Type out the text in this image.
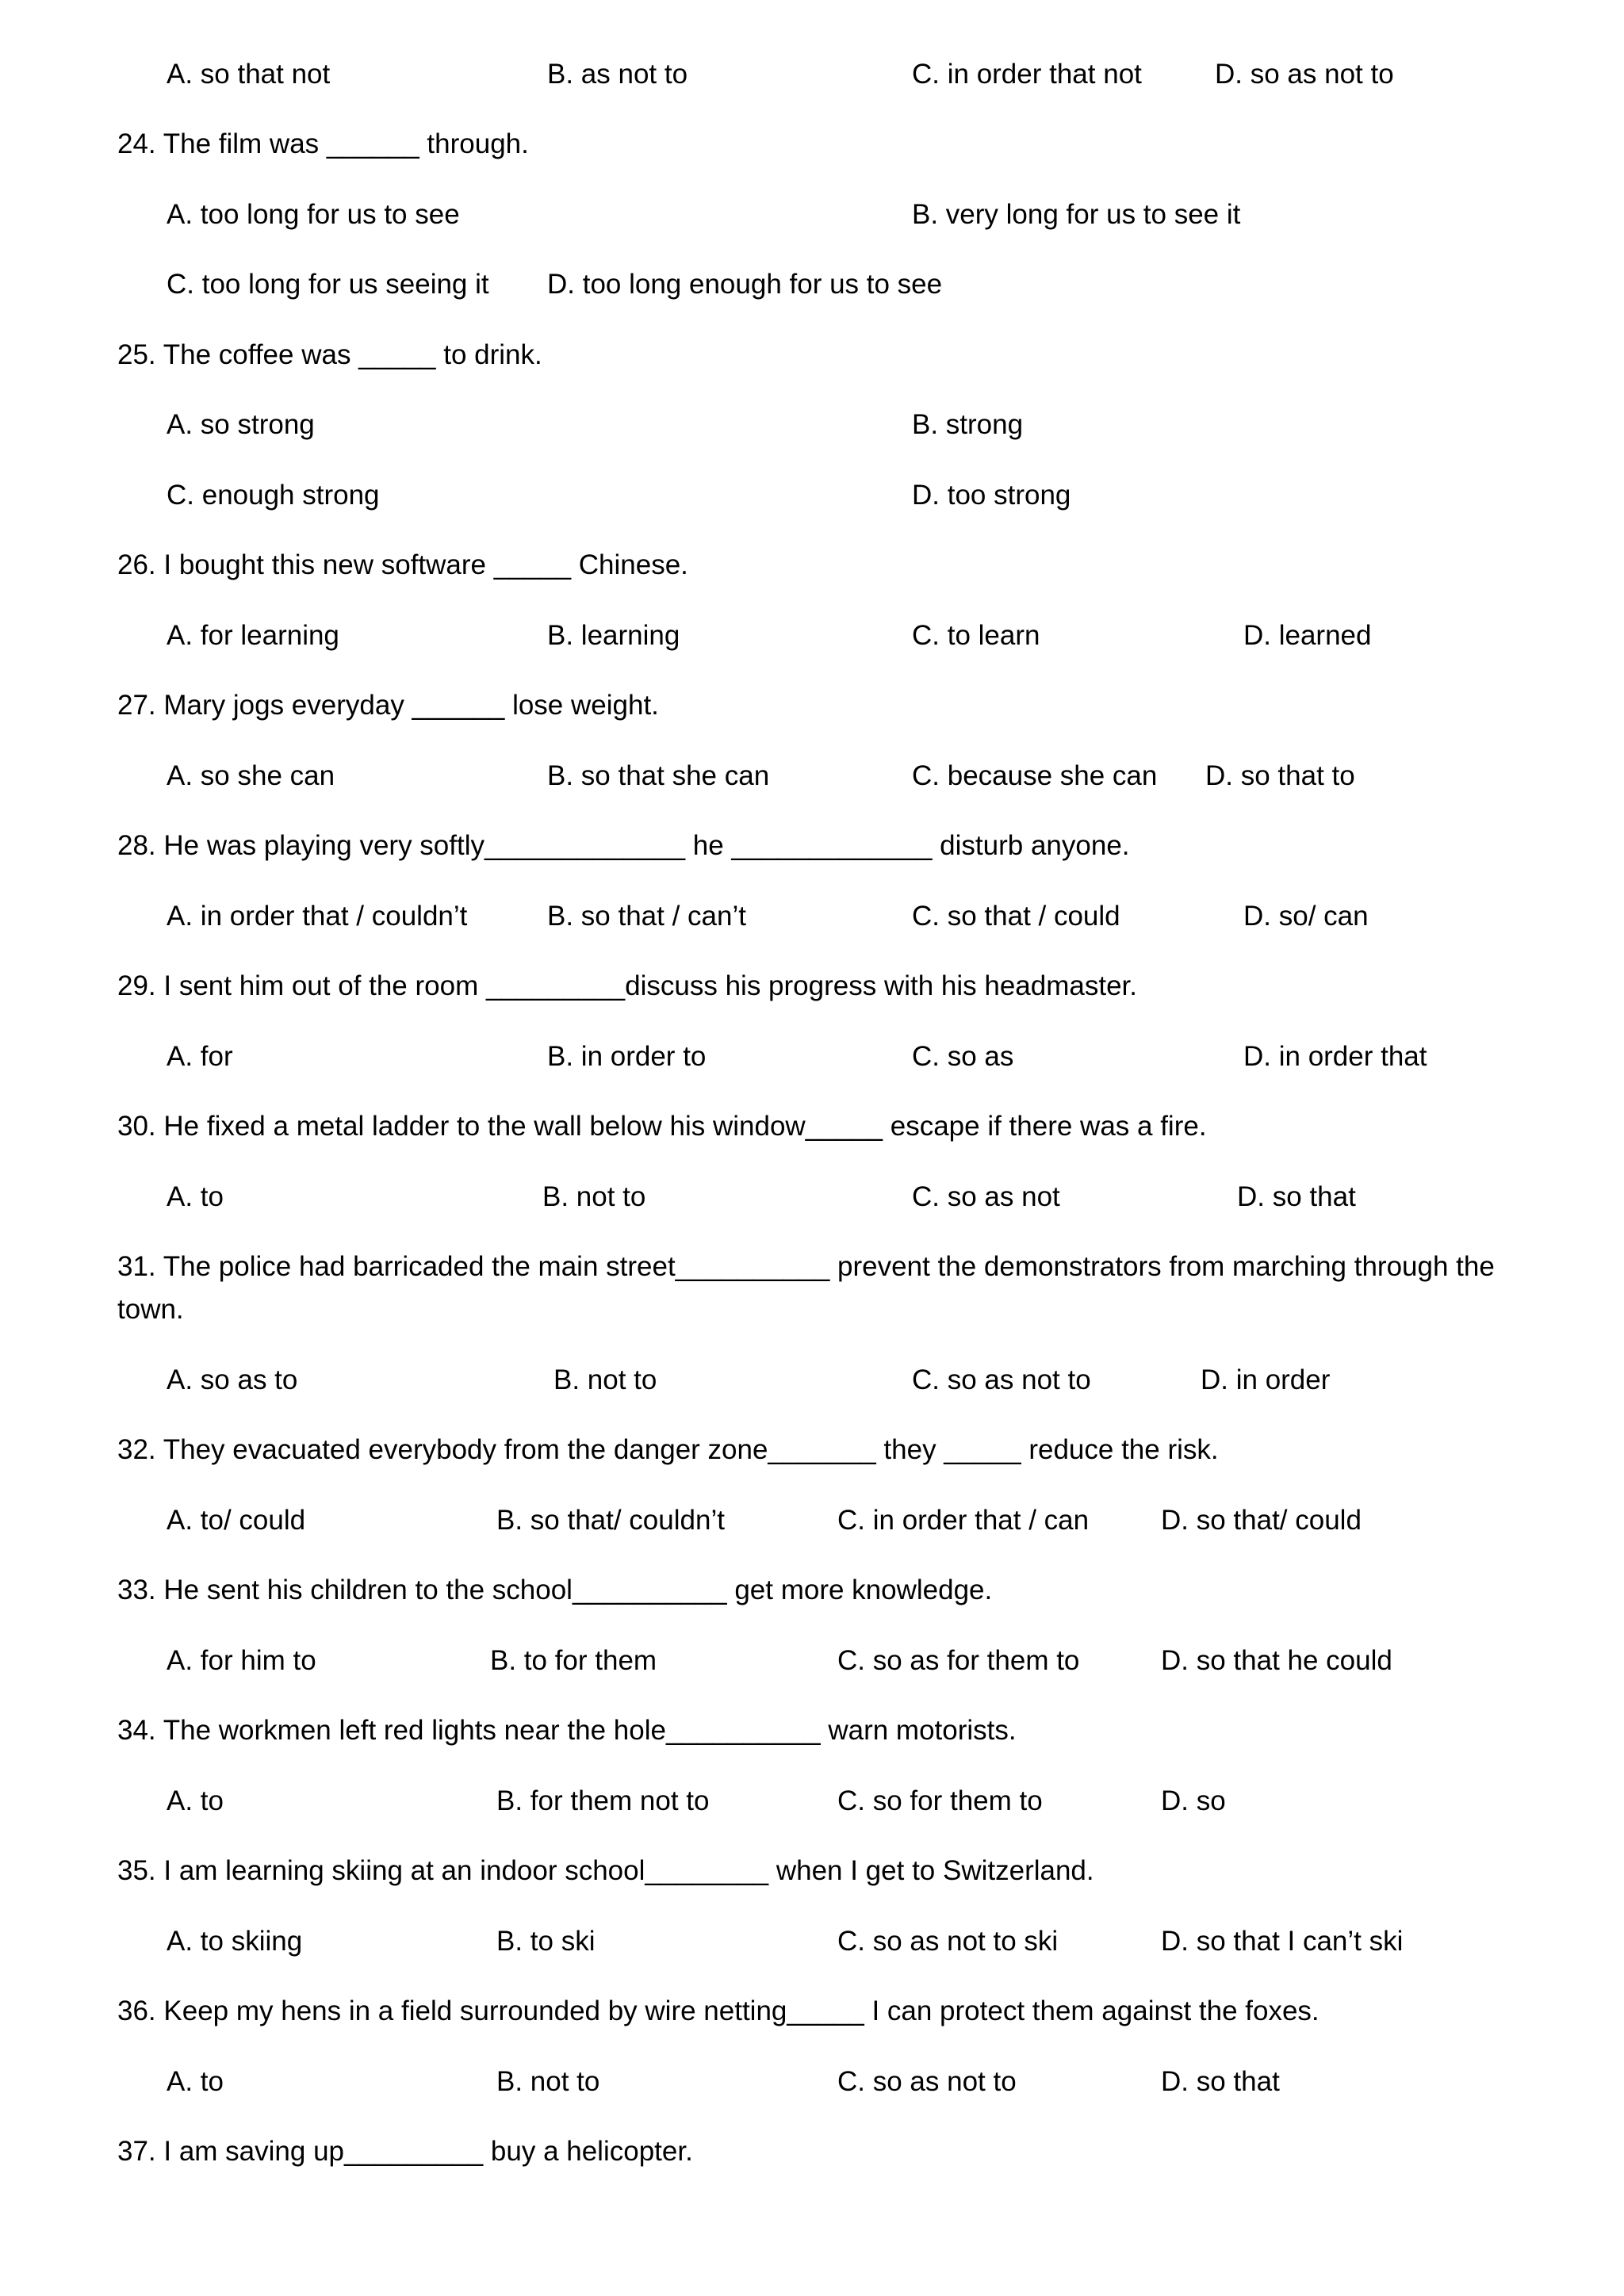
A. so that not	B. as not to	C. in order that not	D. so as not to
24. The film was ______ through.
A. too long for us to see	B. very long for us to see it
C. too long for us seeing it D. too long enough for us to see
25. The coffee was _____ to drink.
A. so strong	B. strong
C. enough strong	D. too strong
26. I bought this new software _____ Chinese.
A. for learning	B. learning	C. to learn	D. learned
27. Mary jogs everyday ______ lose weight.
A. so she can	B. so that she can	C. because she can D. so that to
28. He was playing very softly_____________ he _____________ disturb anyone.
A. in order that / couldn’t	B. so that / can’t	C. so that / could	D. so/ can
29. I sent him out of the room _________discuss his progress with his headmaster.
A. for	B. in order to	C. so as	D. in order that
30. He fixed a metal ladder to the wall below his window_____ escape if there was a fire.
A. to	B. not to	C. so as not	D. so that
31. The police had barricaded the main street__________ prevent the demonstrators from marching through the town.
A. so as to	B. not to	C. so as not to	D. in order
32. They evacuated everybody from the danger zone_______ they _____ reduce the risk.
A. to/ could	B. so that/ couldn’t	C. in order that / can	D. so that/ could
33. He sent his children to the school__________ get more knowledge.
A. for him to	B. to for them	C. so as for them to	D. so that he could
34. The workmen left red lights near the hole__________ warn motorists.
A. to	B. for them not to	C. so for them to	D. so
35. I am learning skiing at an indoor school________ when I get to Switzerland.
A. to skiing	B. to ski	C. so as not to ski	D. so that I can’t ski
36. Keep my hens in a field surrounded by wire netting_____ I can protect them against the foxes.
A. to	B. not to	C. so as not to	D. so that
37. I am saving up_________ buy a helicopter.
